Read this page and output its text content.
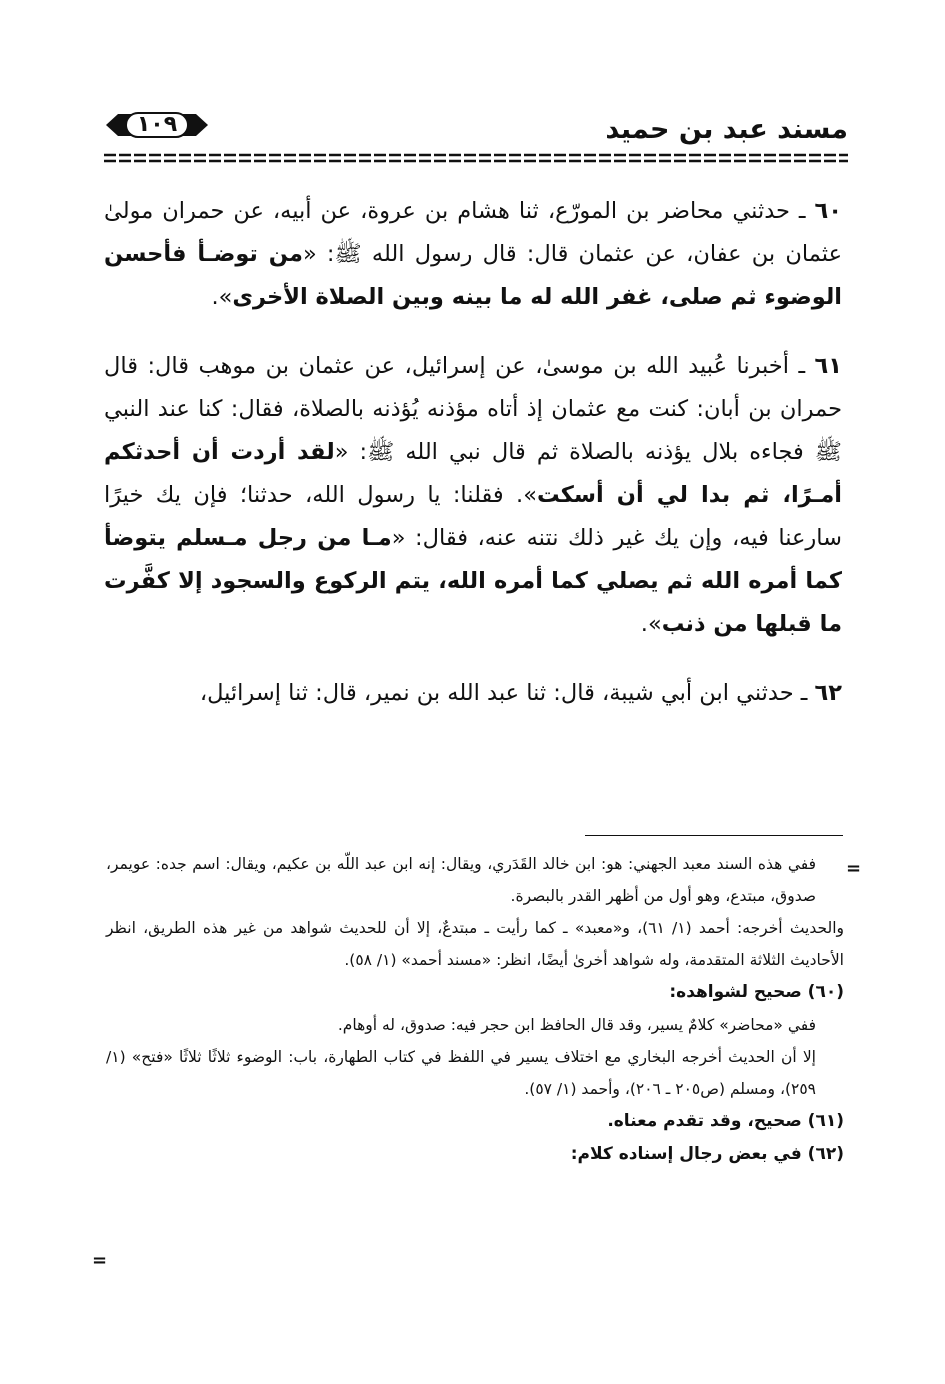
مسند عبد بن حميد
١٠٩

٦٠ ـ حدثني محاضر بن المورّع، ثنا هشام بن عروة، عن أبيه، عن حمران مولىٰ عثمان بن عفان، عن عثمان قال: قال رسول الله ﷺ: «من توضـأ فأحسن الوضوء ثم صلى، غفر الله له ما بينه وبين الصلاة الأخرى».

٦١ ـ أخبرنا عُبيد الله بن موسىٰ، عن إسرائيل، عن عثمان بن موهب قال: قال حمران بن أبان: كنت مع عثمان إذ أتاه مؤذنه يُؤذنه بالصلاة، فقال: كنا عند النبي ﷺ فجاءه بلال يؤذنه بالصلاة ثم قال نبي الله ﷺ: «لقد أردت أن أحدثكم أمـرًا، ثم بدا لي أن أسكت». فقلنا: يا رسول الله، حدثنا؛ فإن يك خيرًا سارعنا فيه، وإن يك غير ذلك نتنه عنه، فقال: «مـا من رجل مـسلم يتوضأ كما أمره الله ثم يصلي كما أمره الله، يتم الركوع والسجود إلا كفَّرت ما قبلها من ذنب».

٦٢ ـ حدثني ابن أبي شيبة، قال: ثنا عبد الله بن نمير، قال: ثنا إسرائيل،

=
=

ففي هذه السند معبد الجهني: هو: ابن خالد القَدَري، ويقال: إنه ابن عبد اللّه بن عكيم، ويقال: اسم جده: عويمر، صدوق، مبتدع، وهو أول من أظهر القدر بالبصرة.

والحديث أخرجه: أحمد (١/ ٦١)، و«معبد» ـ كما رأيت ـ مبتدعٌ، إلا أن للحديث شواهد من غير هذه الطريق، انظر الأحاديث الثلاثة المتقدمة، وله شواهد أخرىٰ أيضًا، انظر: «مسند أحمد» (١/ ٥٨).

(٦٠) صحيح لشواهده:

ففي «محاضر» كلامٌ يسير، وقد قال الحافظ ابن حجر فيه: صدوق، له أوهام.

إلا أن الحديث أخرجه البخاري مع اختلاف يسير في اللفظ في كتاب الطهارة، باب: الوضوء ثلاثًا ثلاثًا «فتح» (١/ ٢٥٩)، ومسلم (ص٢٠٥ ـ ٢٠٦)، وأحمد (١/ ٥٧).

(٦١) صحيح، وقد تقدم معناه.

(٦٢) في بعض رجال إسناده كلام:
